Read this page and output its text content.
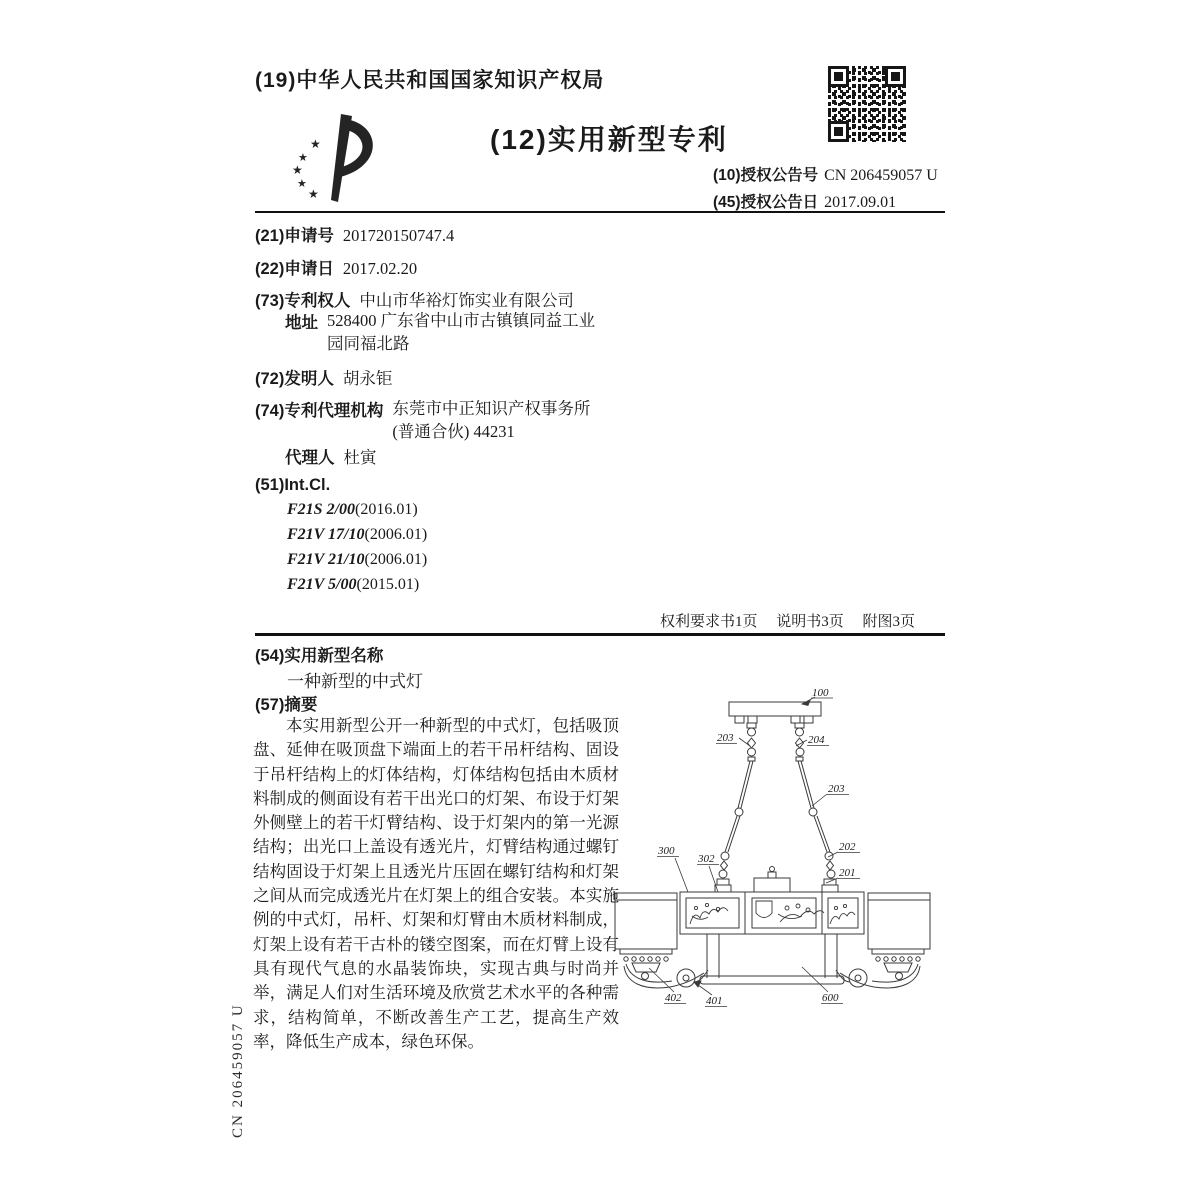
(19)中华人民共和国国家知识产权局
★
★
★
★
★
(12)实用新型专利
(10)授权公告号 CN 206459057 U
(45)授权公告日 2017.09.01
(21)申请号 201720150747.4
(22)申请日 2017.02.20
(73)专利权人 中山市华裕灯饰实业有限公司
地址 528400 广东省中山市古镇镇同益工业园同福北路
(72)发明人 胡永钜
(74)专利代理机构 东莞市中正知识产权事务所(普通合伙) 44231
代理人 杜寅
(51)Int.Cl.
F21S 2/00(2016.01)
F21V 17/10(2006.01)
F21V 21/10(2006.01)
F21V 5/00(2015.01)
权利要求书1页 说明书3页 附图3页
(54)实用新型名称
一种新型的中式灯
(57)摘要
本实用新型公开一种新型的中式灯，包括吸顶盘、延伸在吸顶盘下端面上的若干吊杆结构、固设于吊杆结构上的灯体结构，灯体结构包括由木质材料制成的侧面设有若干出光口的灯架、布设于灯架外侧壁上的若干灯臂结构、设于灯架内的第一光源结构；出光口上盖设有透光片，灯臂结构通过螺钉结构固设于灯架上且透光片压固在螺钉结构和灯架之间从而完成透光片在灯架上的组合安装。本实施例的中式灯，吊杆、灯架和灯臂由木质材料制成，灯架上设有若干古朴的镂空图案，而在灯臂上设有具有现代气息的水晶装饰块，实现古典与时尚并举，满足人们对生活环境及欣赏艺术水平的各种需求，结构简单，不断改善生产工艺，提高生产效率，降低生产成本，绿色环保。
100
203	204
203
300
302
202
201
402 401	600
CN 206459057 U
